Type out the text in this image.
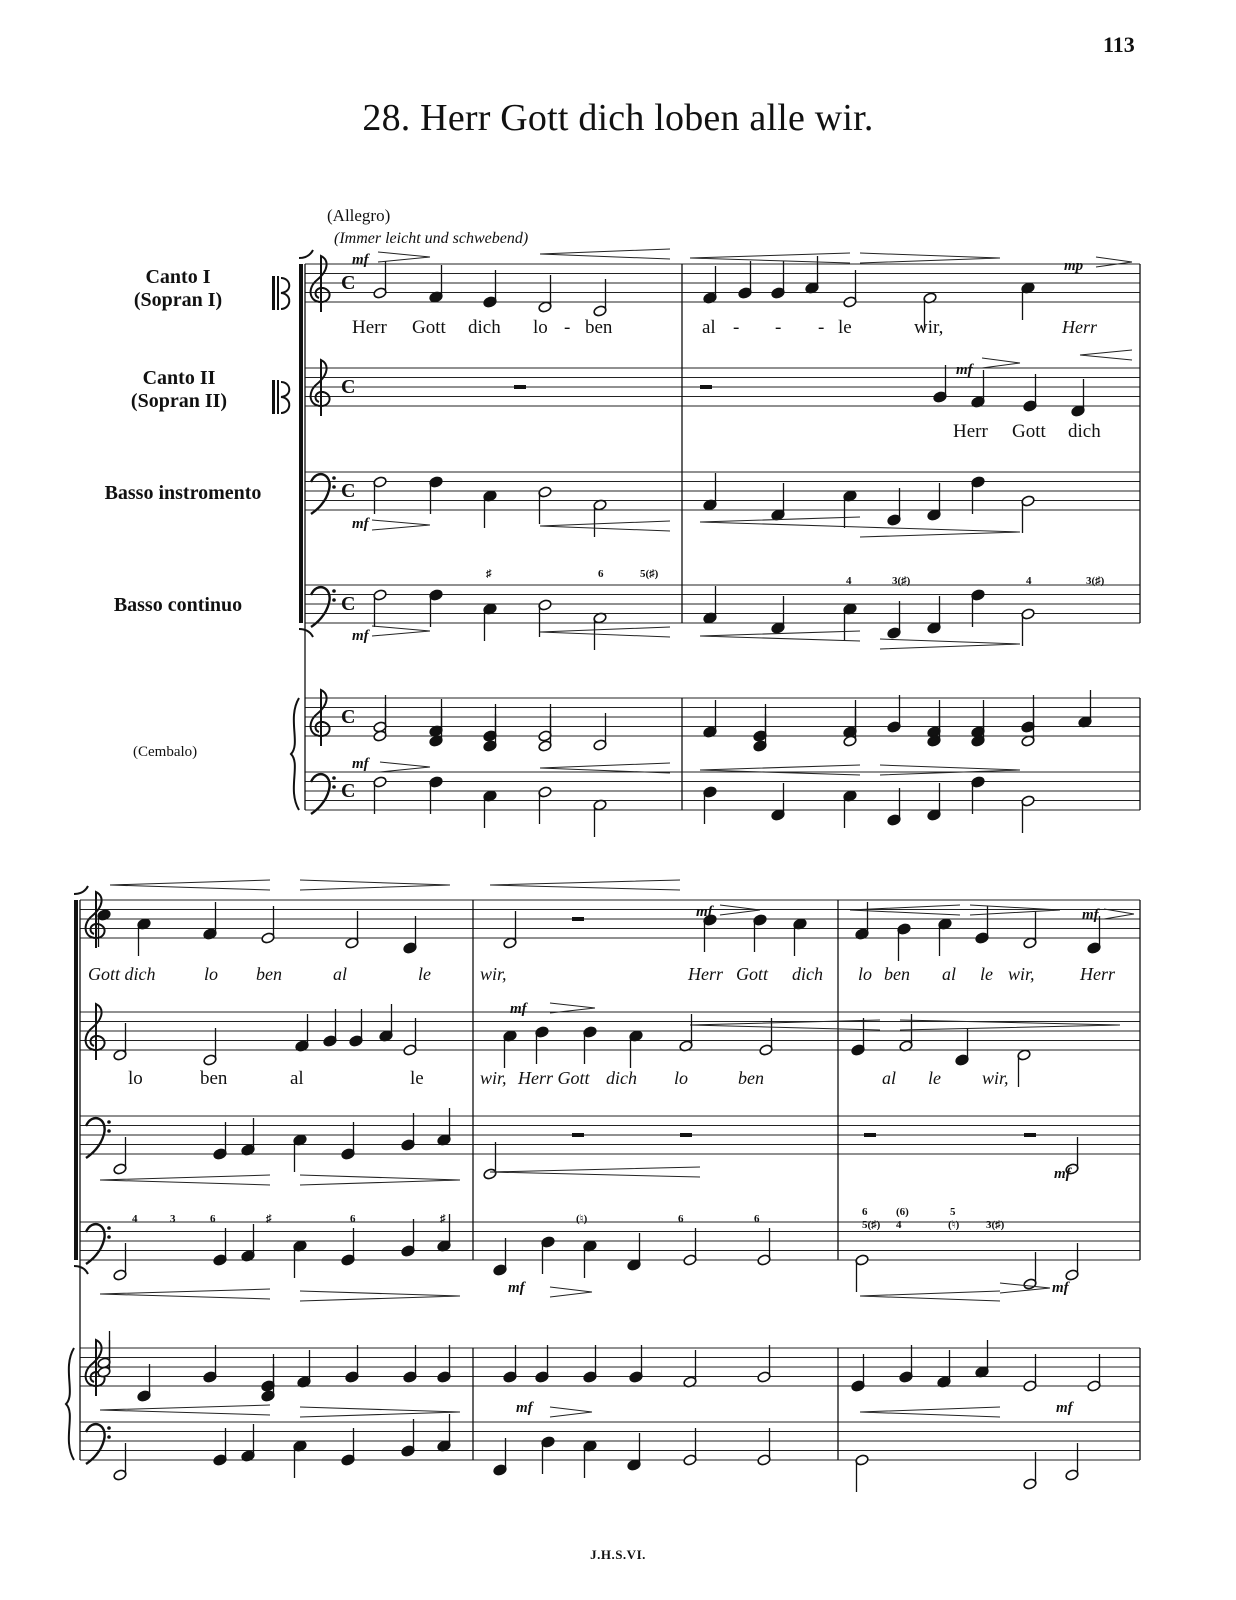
113
28. Herr Gott dich loben alle wir.
(Allegro)
(Immer leicht und schwebend)
Canto I
(Sopran I)
Canto II
(Sopran II)
Basso instromento
Basso continuo
(Cembalo)
J.H.S.VI.
C
C
C
C
C
C
Herr Gott dich lo ben	al	le	wir,	Herr
- - -
-
Herr Gott dich
Gott dich	lo ben	al	le	wir,	Herr Gott dich lo ben al le wir,	Herr
lo	ben	al	le	wir, Herr Gott dich lo	ben	al le wir,
mf	mp
mf
mf
mf
mf
mf	mf
mf
mf
mf	mf
mf	mf
♯	6	5(♯)
4	3(♯)	4	3(♯)
4	3	6	♯	6	♯	(♮)	6	6
6	(6)
5(♯) 4
5
(♮) 3(♯)
